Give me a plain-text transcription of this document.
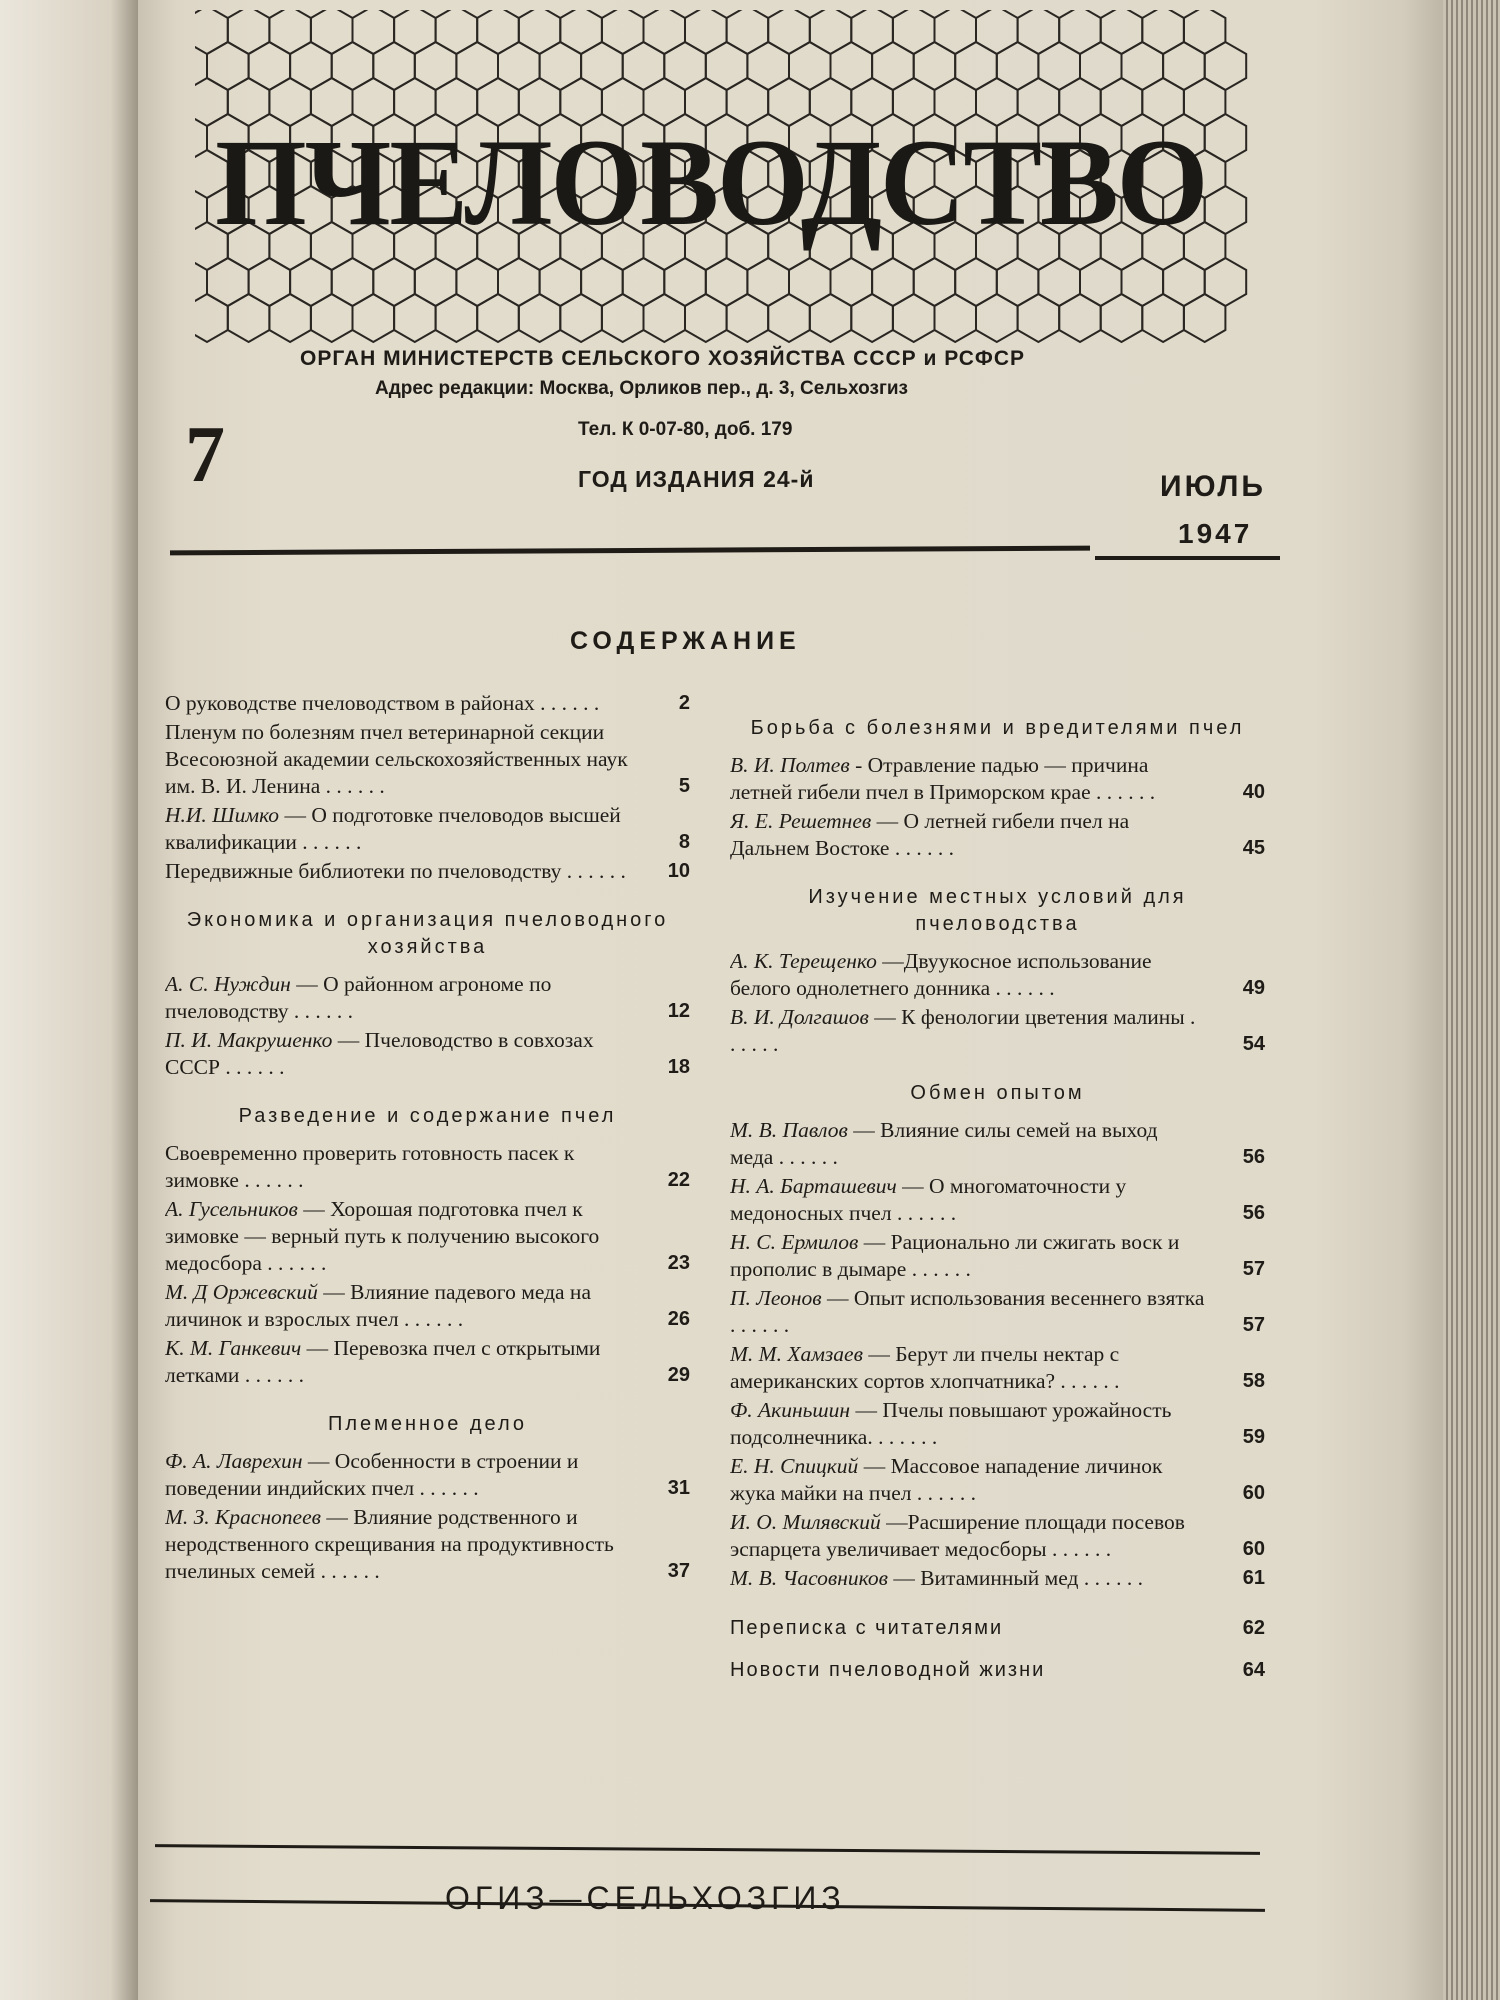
ПЧЕЛОВОДСТВО
ОРГАН МИНИСТЕРСТВ СЕЛЬСКОГО ХОЗЯЙСТВА СССР и РСФСР
Адрес редакции: Москва, Орликов пер., д. 3, Сельхозгиз
Тел. К 0-07-80, доб. 179
7	ГОД ИЗДАНИЯ 24-й	ИЮЛЬ
1947
СОДЕРЖАНИЕ
О руководстве пчеловодством в районах . . . . . .	2
Пленум по болезням пчел ветеринарной секции Всесоюзной академии сельскохозяйственных наук им. В. И. Ленина . . . . . .	5
Н.И. Шимко — О подготовке пчеловодов высшей квалификации . . . . . .	8
Передвижные библиотеки по пчеловодству . . . . . .	10
Экономика и организация пчеловодного хозяйства
А. С. Нуждин — О районном агрономе по пчеловодству . . . . . .	12
П. И. Макрушенко — Пчеловодство в совхозах СССР . . . . . .	18
Разведение и содержание пчел
Своевременно проверить готовность пасек к зимовке . . . . . .	22
А. Гусельников — Хорошая подготовка пчел к зимовке — верный путь к получению высокого медосбора . . . . . .	23
М. Д Оржевский — Влияние падевого меда на личинок и взрослых пчел . . . . . .	26
К. М. Ганкевич — Перевозка пчел с открытыми летками . . . . . .	29
Племенное дело
Ф. А. Лаврехин — Особенности в строении и поведении индийских пчел . . . . . .	31
М. З. Краснопеев — Влияние родственного и неродственного скрещивания на продуктивность пчелиных семей . . . . . .	37
Борьба с болезнями и вредителями пчел
В. И. Полтев - Отравление падью — причина летней гибели пчел в Приморском крае . . . . . .	40
Я. Е. Решетнев — О летней гибели пчел на Дальнем Востоке . . . . . .	45
Изучение местных условий для пчеловодства
А. К. Терещенко —Двуукосное использование белого однолетнего донника . . . . . .	49
В. И. Долгашов — К фенологии цветения малины . . . . . .	54
Обмен опытом
М. В. Павлов — Влияние силы семей на выход меда . . . . . .	56
Н. А. Барташевич — О многоматочности у медоносных пчел . . . . . .	56
Н. С. Ермилов — Рационально ли сжигать воск и прополис в дымаре . . . . . .	57
П. Леонов — Опыт использования весеннего взятка . . . . . .	57
М. М. Хамзаев — Берут ли пчелы нектар с американских сортов хлопчатника? . . . . . .	58
Ф. Акиньшин — Пчелы повышают урожайность подсолнечника. . . . . . .	59
Е. Н. Спицкий — Массовое нападение личинок жука майки на пчел . . . . . .	60
И. О. Милявский —Расширение площади посевов эспарцета увеличивает медосборы . . . . . .	60
М. В. Часовников — Витаминный мед . . . . . .	61
Переписка с читателями	62
Новости пчеловодной жизни	64
ОГИЗ—СЕЛЬХОЗГИЗ
